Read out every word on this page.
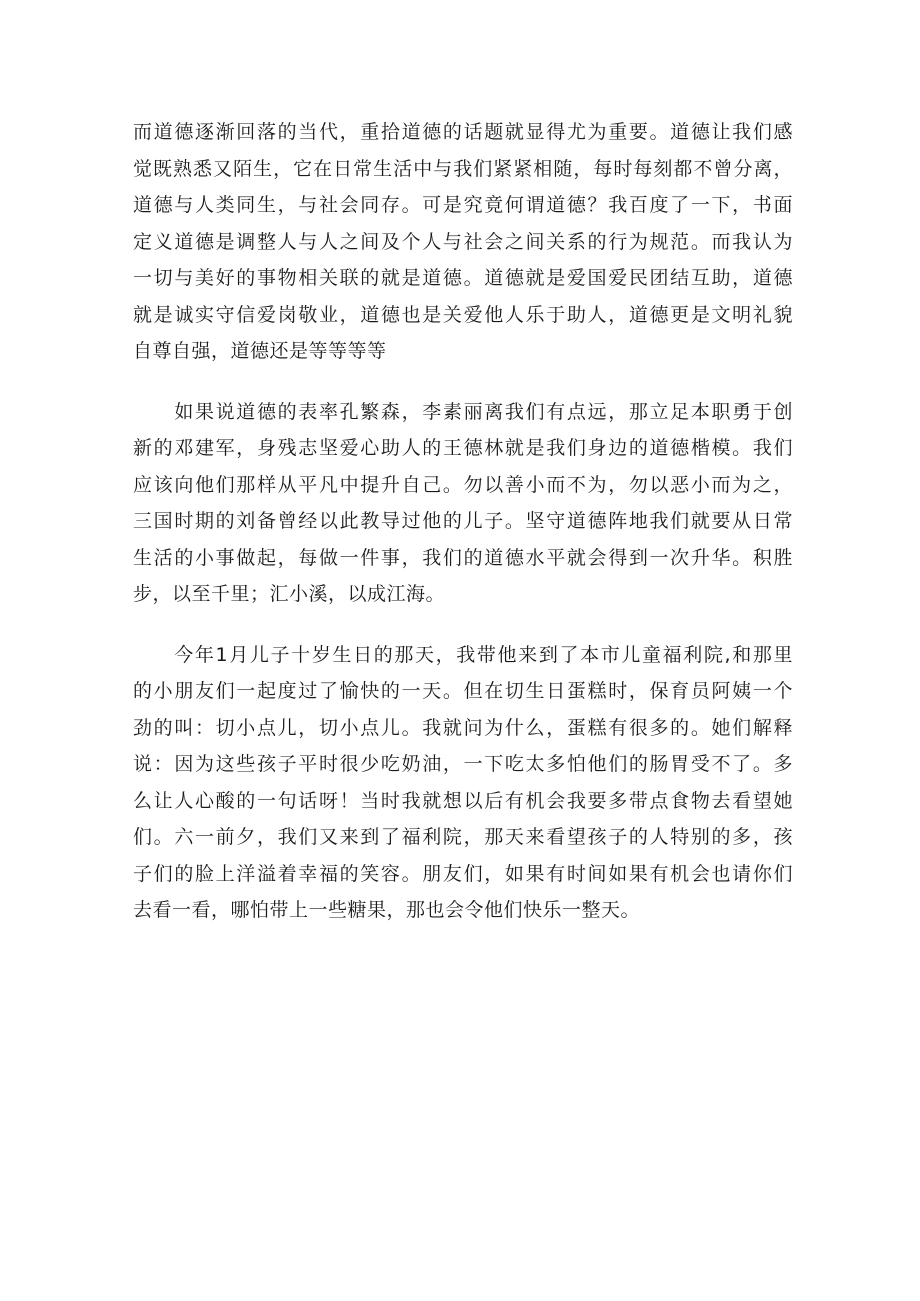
而道德逐渐回落的当代，重拾道德的话题就显得尤为重要。道德让我们感
觉既熟悉又陌生，它在日常生活中与我们紧紧相随，每时每刻都不曾分离，
道德与人类同生，与社会同存。可是究竟何谓道德？我百度了一下，书面
定义道德是调整人与人之间及个人与社会之间关系的行为规范。而我认为
一切与美好的事物相关联的就是道德。道德就是爱国爱民团结互助，道德
就是诚实守信爱岗敬业，道德也是关爱他人乐于助人，道德更是文明礼貌
自尊自强，道德还是等等等等
　　如果说道德的表率孔繁森，李素丽离我们有点远，那立足本职勇于创
新的邓建军，身残志坚爱心助人的王德林就是我们身边的道德楷模。我们
应该向他们那样从平凡中提升自己。勿以善小而不为，勿以恶小而为之，
三国时期的刘备曾经以此教导过他的儿子。坚守道德阵地我们就要从日常
生活的小事做起，每做一件事，我们的道德水平就会得到一次升华。积胜
步，以至千里；汇小溪，以成江海。
　　今年1月儿子十岁生日的那天，我带他来到了本市儿童福利院,和那里
的小朋友们一起度过了愉快的一天。但在切生日蛋糕时，保育员阿姨一个
劲的叫：切小点儿，切小点儿。我就问为什么，蛋糕有很多的。她们解释
说：因为这些孩子平时很少吃奶油，一下吃太多怕他们的肠胃受不了。多
么让人心酸的一句话呀！当时我就想以后有机会我要多带点食物去看望她
们。六一前夕，我们又来到了福利院，那天来看望孩子的人特别的多，孩
子们的脸上洋溢着幸福的笑容。朋友们，如果有时间如果有机会也请你们
去看一看，哪怕带上一些糖果，那也会令他们快乐一整天。
